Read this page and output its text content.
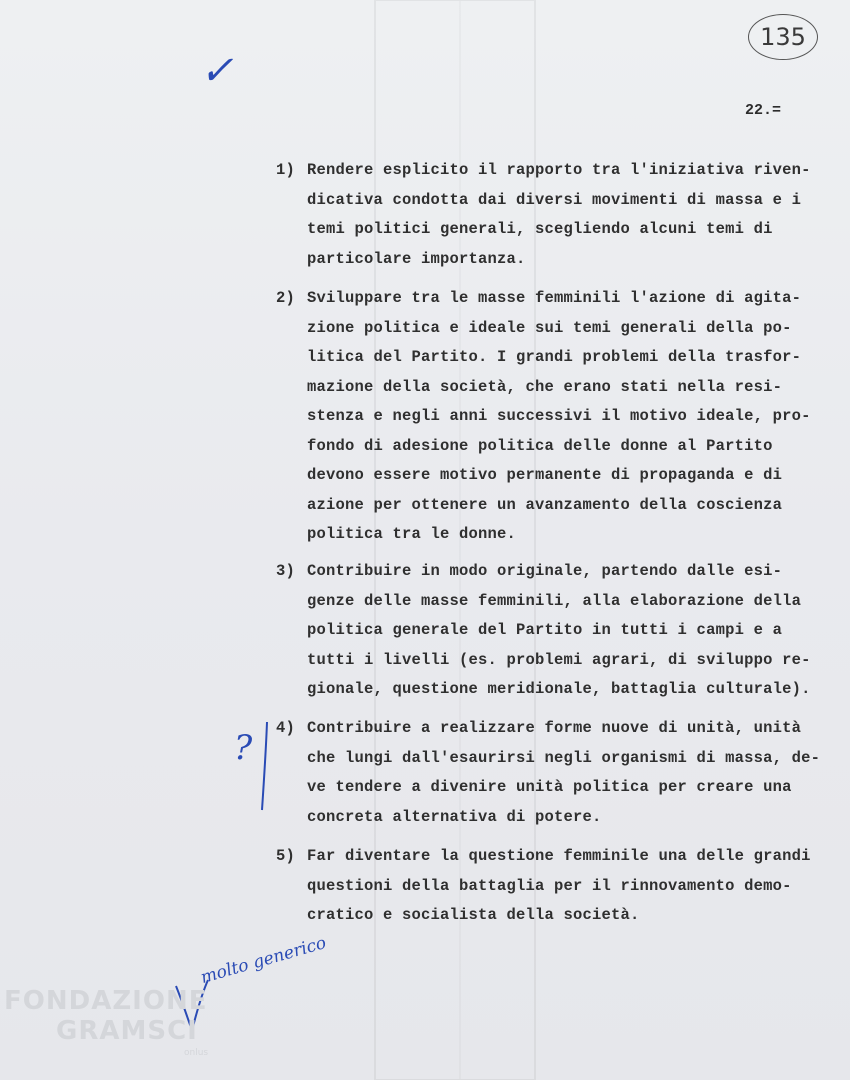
135
22.=
1) Rendere esplicito il rapporto tra l'iniziativa riven-
dicativa condotta dai diversi movimenti di massa e i
temi politici generali, scegliendo alcuni temi di
particolare importanza.
2) Sviluppare tra le masse femminili l'azione di agita-
zione politica e ideale sui temi generali della po-
litica del Partito. I grandi problemi della trasfor-
mazione della società, che erano stati nella resi-
stenza e negli anni successivi il motivo ideale, pro-
fondo di adesione politica delle donne al Partito
devono essere motivo permanente di propaganda e di
azione per ottenere un avanzamento della coscienza
politica tra le donne.
3) Contribuire in modo originale, partendo dalle esi-
genze delle masse femminili, alla elaborazione della
politica generale del Partito in tutti i campi e a
tutti i livelli (es. problemi agrari, di sviluppo re-
gionale, questione meridionale, battaglia culturale).
4) Contribuire a realizzare forme nuove di unità, unità
che lungi dall'esaurirsi negli organismi di massa, de-
ve tendere a divenire unità politica per creare una
concreta alternativa di potere.
5) Far diventare la questione femminile una delle grandi
questioni della battaglia per il rinnovamento demo-
cratico e socialista della società.
✓
?
molto generico
FONDAZIONE
GRAMSCI
onlus
